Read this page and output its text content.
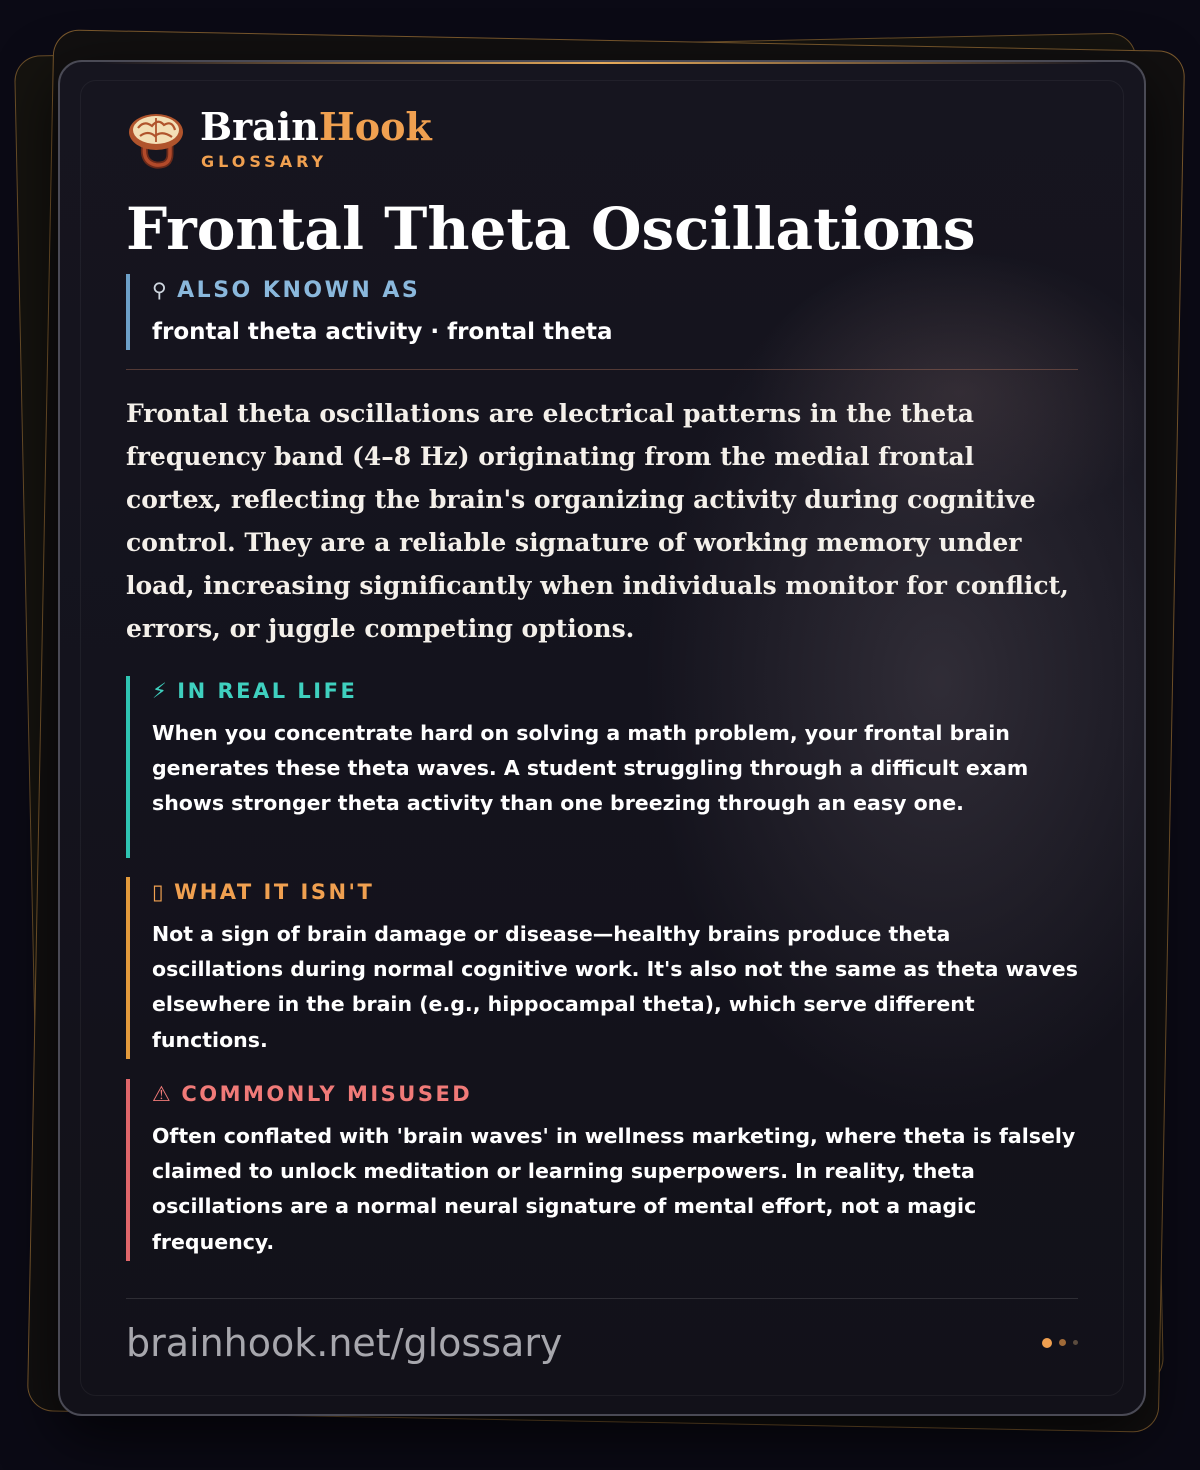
BrainHook
GLOSSARY
Frontal Theta Oscillations
⚲ ALSO KNOWN AS
frontal theta activity · frontal theta
Frontal theta oscillations are electrical patterns in the theta frequency band (4–8 Hz) originating from the medial frontal cortex, reflecting the brain's organizing activity during cognitive control. They are a reliable signature of working memory under load, increasing significantly when individuals monitor for conflict, errors, or juggle competing options.
⚡ IN REAL LIFE
When you concentrate hard on solving a math problem, your frontal brain generates these theta waves. A student struggling through a difficult exam shows stronger theta activity than one breezing through an easy one.
▯ WHAT IT ISN'T
Not a sign of brain damage or disease—healthy brains produce theta oscillations during normal cognitive work. It's also not the same as theta waves elsewhere in the brain (e.g., hippocampal theta), which serve different functions.
⚠ COMMONLY MISUSED
Often conflated with 'brain waves' in wellness marketing, where theta is falsely claimed to unlock meditation or learning superpowers. In reality, theta oscillations are a normal neural signature of mental effort, not a magic frequency.
brainhook.net/glossary
